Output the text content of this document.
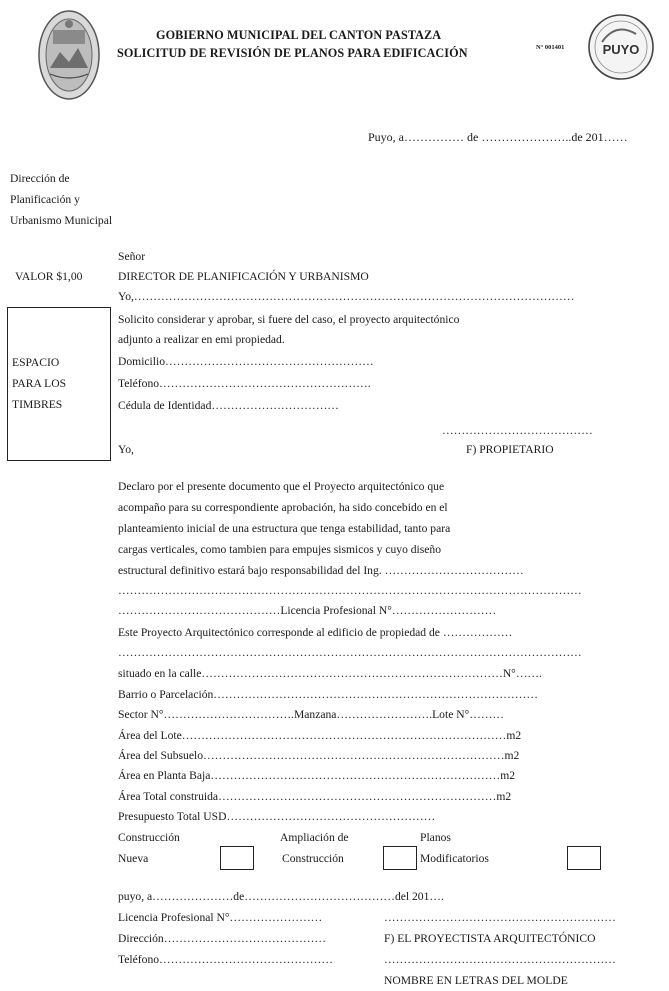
PUYO
GOBIERNO MUNICIPAL DEL CANTON PASTAZA
SOLICITUD DE REVISIÓN DE PLANOS PARA EDIFICACIÓN	N° 001401
Puyo, a…………… de …………………..de 201……
Dirección de
Planificación y
Urbanismo Municipal
Señor
VALOR $1,00	DIRECTOR DE PLANIFICACIÓN Y URBANISMO
Yo,……………………………………………………………………………………………………
ESPACIO
PARA LOS
TIMBRES
Solicito considerar y aprobar, si fuere del caso, el proyecto arquitectónico
adjunto a realizar en emi propiedad.
Domicilio………………………………………………
Teléfono……………………………………………….
Cédula de Identidad……………………………
…………………………………
Yo,	F) PROPIETARIO
Declaro por el presente documento que el Proyecto arquitectónico que
acompaño para su correspondiente aprobación, ha sido concebido en el
planteamiento inicial de una estructura que tenga estabilidad, tanto para
cargas verticales, como tambien para empujes sismicos y cuyo diseño
estructural definitivo estará bajo responsabilidad del Ing. ………………………………
…………………………………………………………………………………………………………
……………………………………Licencia Profesional N°………………………
Este Proyecto Arquitectónico corresponde al edificio de propiedad de ………………
…………………………………………………………………………………………………………
situado en la calle……………………………………………………………………N°…….
Barrio o Parcelación…………………………………………………………………………
Sector N°…………………………….Manzana…………………….Lote N°………
Área del Lote…………………………………………………………………………m2
Área del Subsuelo……………………………………………………………………m2
Área en Planta Baja…………………………………………………………………m2
Área Total construida………………………………………………………………m2
Presupuesto Total USD………………………………………………
Construcción
Nueva
Ampliación de
Construcción
Planos
Modificatorios
puyo, a…………………de…………………………………del 201….
Licencia Profesional N°……………………	……………………………………………………
Dirección……………………………………	F) EL PROYECTISTA ARQUITECTÓNICO
Teléfono………………………………………	……………………………………………………
NOMBRE EN LETRAS DEL MOLDE
